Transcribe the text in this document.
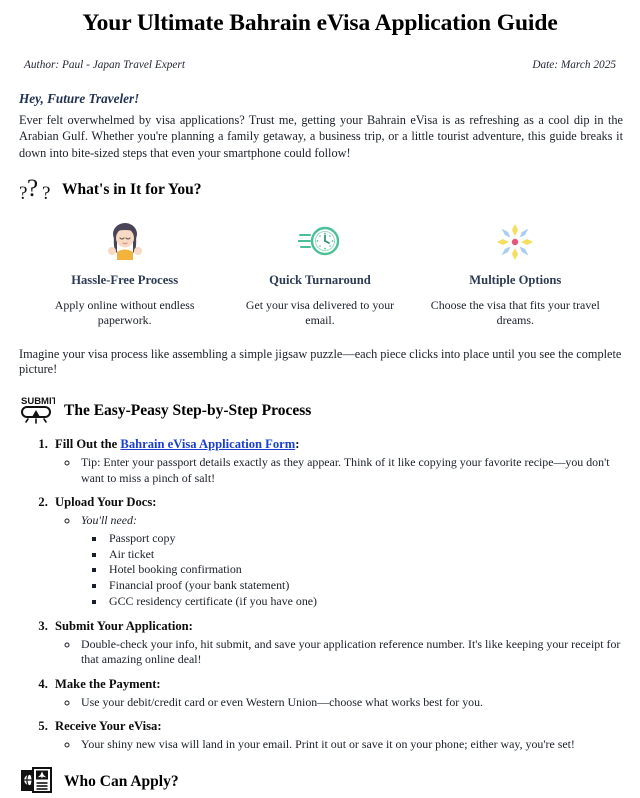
Your Ultimate Bahrain eVisa Application Guide
Author: Paul - Japan Travel Expert	Date: March 2025
Hey, Future Traveler!

Ever felt overwhelmed by visa applications? Trust me, getting your Bahrain eVisa is as refreshing as a cool dip in the Arabian Gulf. Whether you're planning a family getaway, a business trip, or a little tourist adventure, this guide breaks it down into bite-sized steps that even your smartphone could follow!

? ? ? What's in It for You?
Hassle-Free Process
Apply online without endless paperwork.
Quick Turnaround
Get your visa delivered to your email.
Multiple Options
Choose the visa that fits your travel dreams.

Imagine your visa process like assembling a simple jigsaw puzzle—each piece clicks into place until you see the complete picture!

SUBMIT The Easy-Peasy Step-by-Step Process
1. Fill Out the Bahrain eVisa Application Form:
◦ Tip: Enter your passport details exactly as they appear. Think of it like copying your favorite recipe—you don't want to miss a pinch of salt!
2. Upload Your Docs:
◦ You'll need:
▪ Passport copy
▪ Air ticket
▪ Hotel booking confirmation
▪ Financial proof (your bank statement)
▪ GCC residency certificate (if you have one)
3. Submit Your Application:
◦ Double-check your info, hit submit, and save your application reference number. It's like keeping your receipt for that amazing online deal!
4. Make the Payment:
◦ Use your debit/credit card or even Western Union—choose what works best for you.
5. Receive Your eVisa:
◦ Your shiny new visa will land in your email. Print it out or save it on your phone; either way, you're set!
Who Can Apply?
